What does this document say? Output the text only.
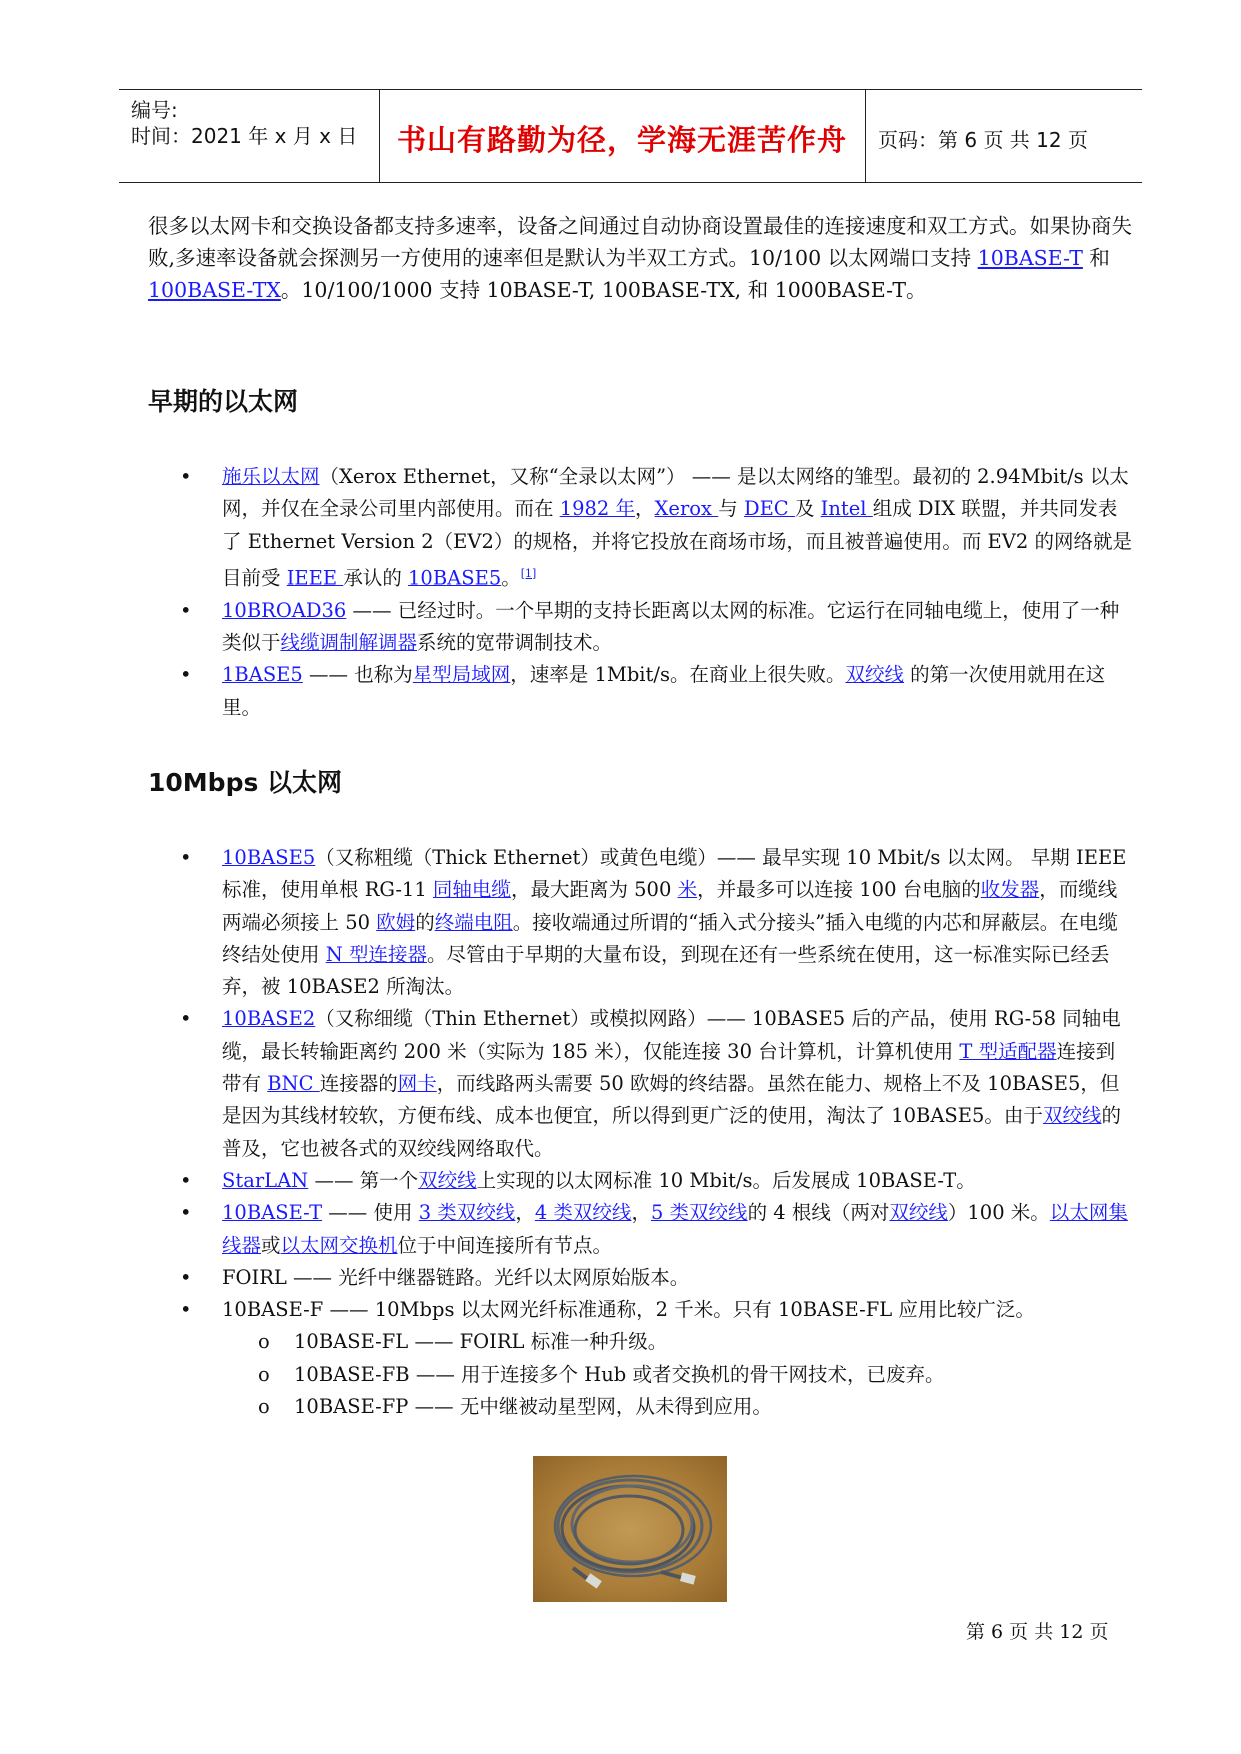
编号:
时间：2021 年 x 月 x 日	书山有路勤为径，学海无涯苦作舟	页码：第 6 页 共 12 页
很多以太网卡和交换设备都支持多速率，设备之间通过自动协商设置最佳的连接速度和双工方式。如果协商失败,多速率设备就会探测另一方使用的速率但是默认为半双工方式。10/100 以太网端口支持 10BASE-T 和 100BASE-TX。10/100/1000 支持 10BASE-T, 100BASE-TX, 和 1000BASE-T。
早期的以太网
• 施乐以太网（Xerox Ethernet，又称“全录以太网”） —— 是以太网络的雏型。最初的 2.94Mbit/s 以太网，并仅在全录公司里内部使用。而在 1982 年，Xerox 与 DEC 及 Intel 组成 DIX 联盟，并共同发表了 Ethernet Version 2（EV2）的规格，并将它投放在商场市场，而且被普遍使用。而 EV2 的网络就是目前受 IEEE 承认的 10BASE5。[1]
• 10BROAD36 —— 已经过时。一个早期的支持长距离以太网的标准。它运行在同轴电缆上，使用了一种类似于线缆调制解调器系统的宽带调制技术。
• 1BASE5 —— 也称为星型局域网，速率是 1Mbit/s。在商业上很失败。双绞线 的第一次使用就用在这里。
10Mbps 以太网
• 10BASE5（又称粗缆（Thick Ethernet）或黄色电缆）—— 最早实现 10 Mbit/s 以太网。 早期 IEEE 标准，使用单根 RG-11 同轴电缆，最大距离为 500 米，并最多可以连接 100 台电脑的收发器，而缆线两端必须接上 50 欧姆的终端电阻。接收端通过所谓的“插入式分接头”插入电缆的内芯和屏蔽层。在电缆终结处使用 N 型连接器。尽管由于早期的大量布设，到现在还有一些系统在使用，这一标准实际已经丢弃，被 10BASE2 所淘汰。
• 10BASE2（又称细缆（Thin Ethernet）或模拟网路）—— 10BASE5 后的产品，使用 RG-58 同轴电缆，最长转输距离约 200 米（实际为 185 米），仅能连接 30 台计算机，计算机使用 T 型适配器连接到带有 BNC 连接器的网卡，而线路两头需要 50 欧姆的终结器。虽然在能力、规格上不及 10BASE5，但是因为其线材较软，方便布线、成本也便宜，所以得到更广泛的使用，淘汰了 10BASE5。由于双绞线的普及，它也被各式的双绞线网络取代。
• StarLAN —— 第一个双绞线上实现的以太网标准 10 Mbit/s。后发展成 10BASE-T。
• 10BASE-T —— 使用 3 类双绞线，4 类双绞线，5 类双绞线的 4 根线（两对双绞线）100 米。以太网集线器或以太网交换机位于中间连接所有节点。
• FOIRL —— 光纤中继器链路。光纤以太网原始版本。
• 10BASE-F —— 10Mbps 以太网光纤标准通称，2 千米。只有 10BASE-FL 应用比较广泛。
o 10BASE-FL —— FOIRL 标准一种升级。
o 10BASE-FB —— 用于连接多个 Hub 或者交换机的骨干网技术，已废弃。
o 10BASE-FP —— 无中继被动星型网，从未得到应用。
第 6 页 共 12 页
